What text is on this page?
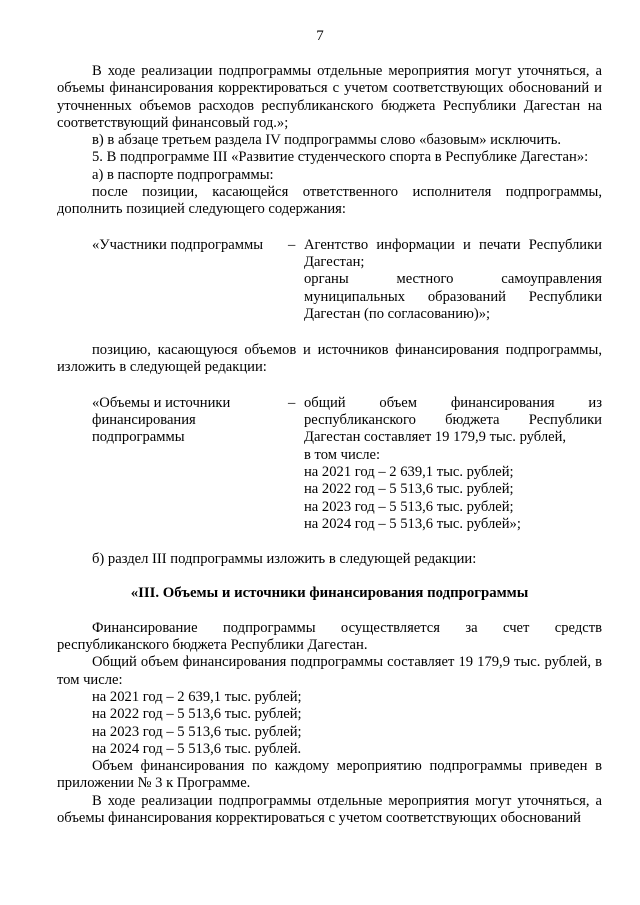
7

В ходе реализации подпрограммы отдельные мероприятия могут уточняться, а объемы финансирования корректироваться с учетом соответствующих обоснований и уточненных объемов расходов республиканского бюджета Республики Дагестан на соответствующий финансовый год.»;

в) в абзаце третьем раздела IV подпрограммы слово «базовым» исключить.

5. В подпрограмме III «Развитие студенческого спорта в Республике Дагестан»:

а) в паспорте подпрограммы:

после позиции, касающейся ответственного исполнителя подпрограммы, дополнить позицией следующего содержания:

«Участники подпрограммы	– Агентство информации и печати Республики Дагестан;

органы местного самоуправления муниципальных образований Республики Дагестан (по согласованию)»;

позицию, касающуюся объемов и источников финансирования подпрограммы, изложить в следующей редакции:

«Объемы и источники финансирования подпрограммы
– общий объем финансирования из республиканского бюджета Республики Дагестан составляет 19 179,9 тыс. рублей,

в том числе:

на 2021 год – 2 639,1 тыс. рублей;

на 2022 год – 5 513,6 тыс. рублей;

на 2023 год – 5 513,6 тыс. рублей;

на 2024 год – 5 513,6 тыс. рублей»;

б) раздел III подпрограммы изложить в следующей редакции:

«III. Объемы и источники финансирования подпрограммы

Финансирование подпрограммы осуществляется за счет средств республиканского бюджета Республики Дагестан.

Общий объем финансирования подпрограммы составляет 19 179,9 тыс. рублей, в том числе:

на 2021 год – 2 639,1 тыс. рублей;

на 2022 год – 5 513,6 тыс. рублей;

на 2023 год – 5 513,6 тыс. рублей;

на 2024 год – 5 513,6 тыс. рублей.

Объем финансирования по каждому мероприятию подпрограммы приведен в приложении № 3 к Программе.

В ходе реализации подпрограммы отдельные мероприятия могут уточняться, а объемы финансирования корректироваться с учетом соответствующих обоснований
